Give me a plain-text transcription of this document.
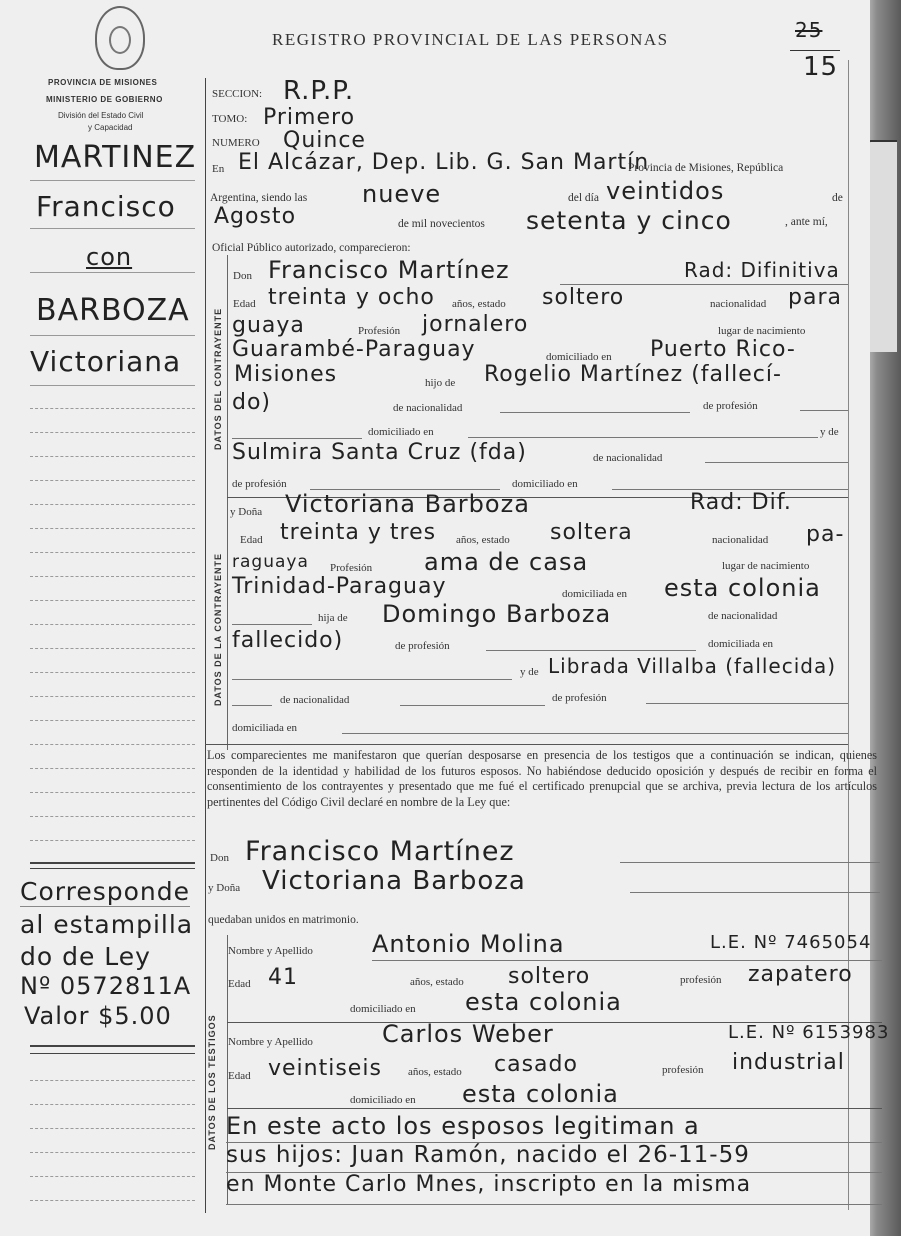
REGISTRO PROVINCIAL DE LAS PERSONAS	25
15
PROVINCIA DE MISIONES
MINISTERIO DE GOBIERNO
División del Estado Civil
y Capacidad
MARTINEZ
Francisco
con
BARBOZA
Victoriana
Corresponde
al estampilla
do de Ley
Nº 0572811A
Valor $5.00
SECCION: R.P.P.
TOMO: Primero
NUMERO Quince
En El Alcázar, Dep. Lib. G. San Martín
Provincia de Misiones, República
Argentina, siendo las nueve	del día veintidos	de
Agosto	de mil novecientos setenta y cinco	, ante mí,
Oficial Público autorizado, comparecieron:
DATOS DEL CONTRAYENTE
Don Francisco Martínez	Rad: Difinitiva
Edad treinta y ocho años, estado soltero	nacionalidad para
guaya	Profesión jornalero	lugar de nacimiento
Guarambé-Paraguay	domiciliado en Puerto Rico-
Misiones	hijo de Rogelio Martínez (fallecí-
do)	de nacionalidad	de profesión
domiciliado en	y de
Sulmira Santa Cruz (fda)	de nacionalidad
de profesión	domiciliado en
DATOS DE LA CONTRAYENTE
y Doña Victoriana Barboza	Rad: Dif.
Edad treinta y tres años, estado soltera	nacionalidad pa-
raguaya Profesión ama de casa	lugar de nacimiento
Trinidad-Paraguay	domiciliada en esta colonia
hija de Domingo Barboza	de nacionalidad
fallecido)	de profesión	domiciliada en
y de Librada Villalba (fallecida)
de nacionalidad	de profesión
domiciliada en
Los comparecientes me manifestaron que querían desposarse en presencia de los testigos que a continuación se indican, quienes responden de la identidad y habilidad de los futuros esposos. No habiéndose deducido oposición y después de recibir en forma el consentimiento de los contrayentes y presentado que me fué el certificado prenupcial que se archiva, previa lectura de los artículos pertinentes del Código Civil declaré en nombre de la Ley que:
Don Francisco Martínez
y Doña Victoriana Barboza
quedaban unidos en matrimonio.
DATOS DE LOS TESTIGOS
Nombre y Apellido Antonio Molina	L.E. Nº 7465054
Edad 41	años, estado soltero	profesión zapatero
domiciliado en esta colonia
Nombre y Apellido	Carlos Weber	L.E. Nº 6153983
Edad veintiseis años, estado casado	profesión industrial
domiciliado en esta colonia
En este acto los esposos legitiman a
sus hijos: Juan Ramón, nacido el 26-11-59
en Monte Carlo Mnes, inscripto en la misma
